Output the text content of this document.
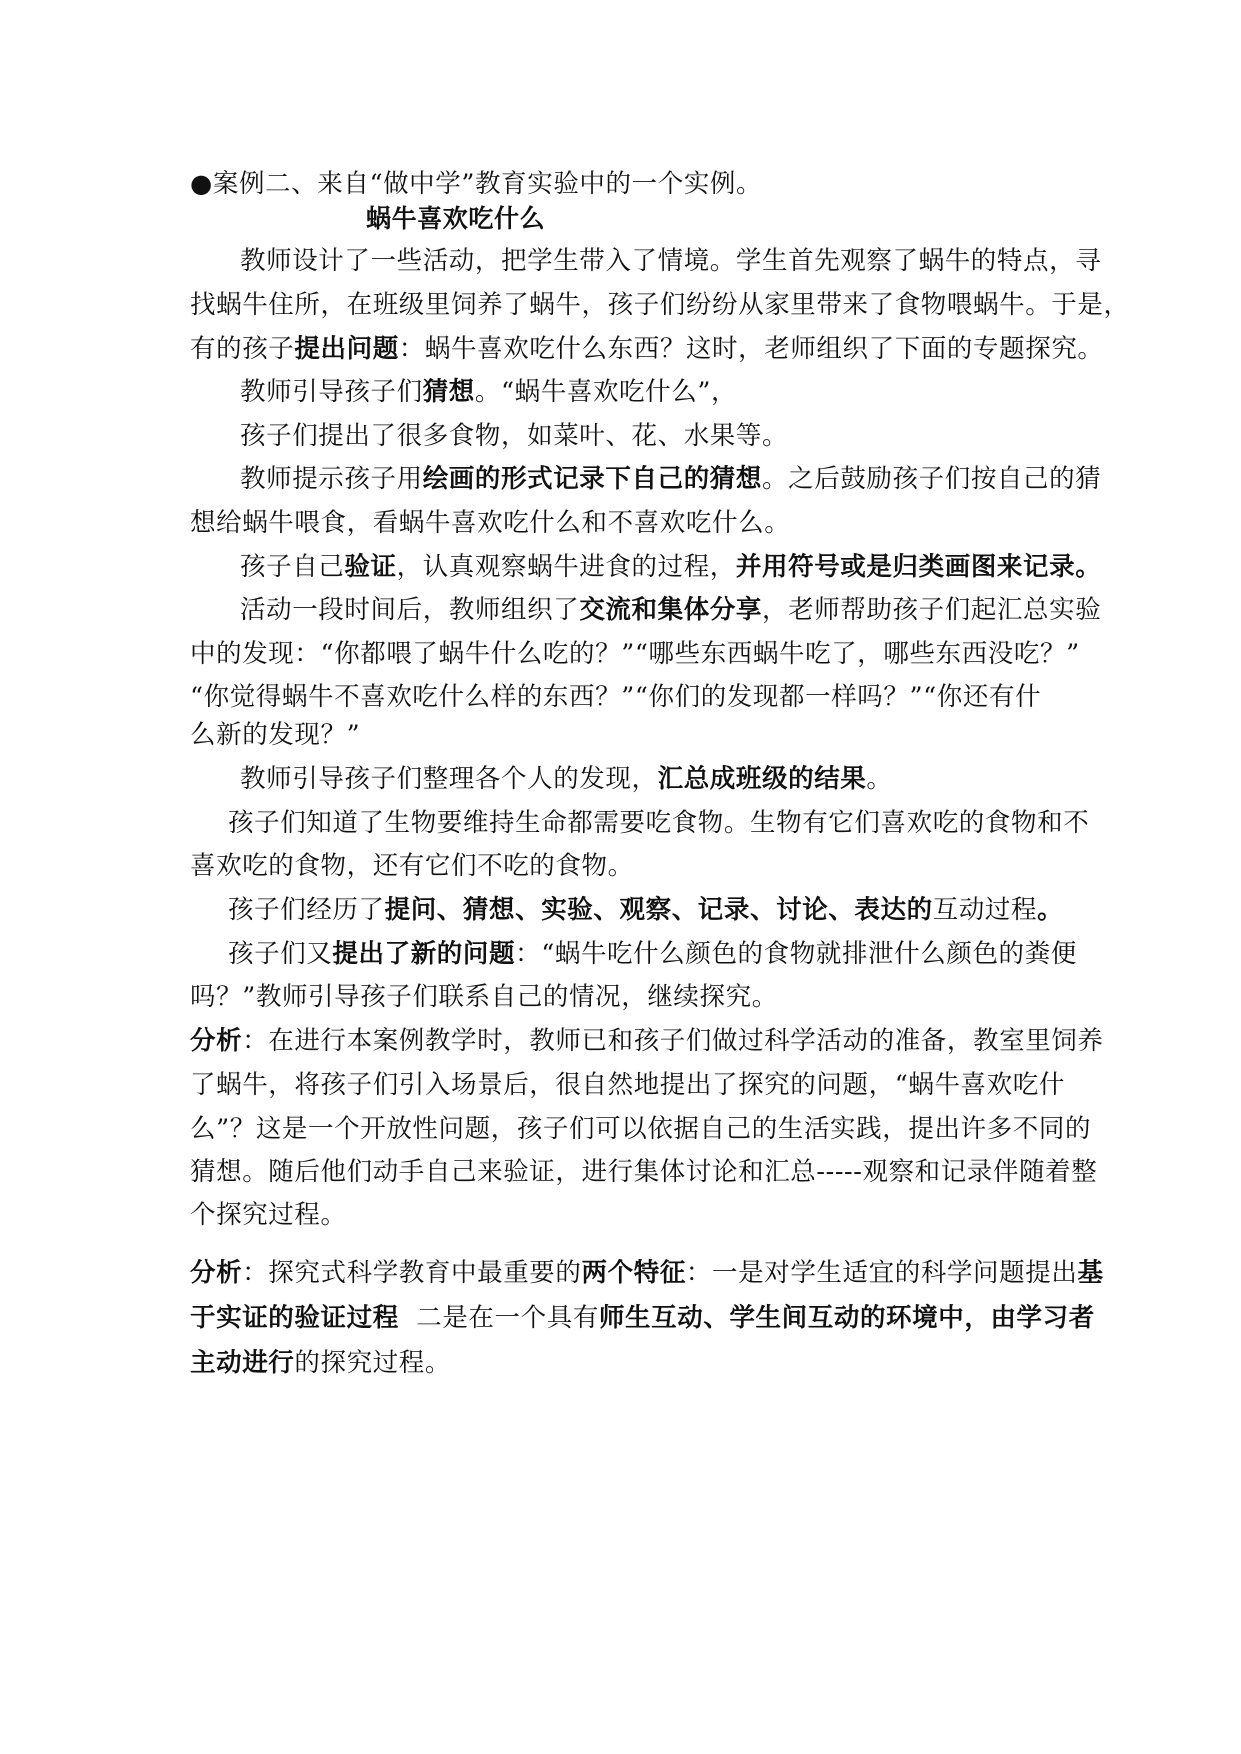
●案例二、来自“做中学”教育实验中的一个实例。
蜗牛喜欢吃什么
教师设计了一些活动，把学生带入了情境。学生首先观察了蜗牛的特点，寻
找蜗牛住所，在班级里饲养了蜗牛，孩子们纷纷从家里带来了食物喂蜗牛。于是，
有的孩子提出问题：蜗牛喜欢吃什么东西？这时，老师组织了下面的专题探究。
教师引导孩子们猜想。“蜗牛喜欢吃什么”，
孩子们提出了很多食物，如菜叶、花、水果等。
教师提示孩子用绘画的形式记录下自己的猜想。之后鼓励孩子们按自己的猜
想给蜗牛喂食，看蜗牛喜欢吃什么和不喜欢吃什么。
孩子自己验证，认真观察蜗牛进食的过程，并用符号或是归类画图来记录。
活动一段时间后，教师组织了交流和集体分享，老师帮助孩子们起汇总实验
中的发现：“你都喂了蜗牛什么吃的？”“哪些东西蜗牛吃了，哪些东西没吃？”
“你觉得蜗牛不喜欢吃什么样的东西？”“你们的发现都一样吗？”“你还有什
么新的发现？”
教师引导孩子们整理各个人的发现，汇总成班级的结果。
孩子们知道了生物要维持生命都需要吃食物。生物有它们喜欢吃的食物和不
喜欢吃的食物，还有它们不吃的食物。
孩子们经历了提问、猜想、实验、观察、记录、讨论、表达的互动过程。
孩子们又提出了新的问题：“蜗牛吃什么颜色的食物就排泄什么颜色的粪便
吗？”教师引导孩子们联系自己的情况，继续探究。
分析：在进行本案例教学时，教师已和孩子们做过科学活动的准备，教室里饲养
了蜗牛，将孩子们引入场景后，很自然地提出了探究的问题，“蜗牛喜欢吃什
么”？这是一个开放性问题，孩子们可以依据自己的生活实践，提出许多不同的
猜想。随后他们动手自己来验证，进行集体讨论和汇总-----观察和记录伴随着整
个探究过程。
分析：探究式科学教育中最重要的两个特征：一是对学生适宜的科学问题提出基
于实证的验证过程  二是在一个具有师生互动、学生间互动的环境中，由学习者
主动进行的探究过程。
